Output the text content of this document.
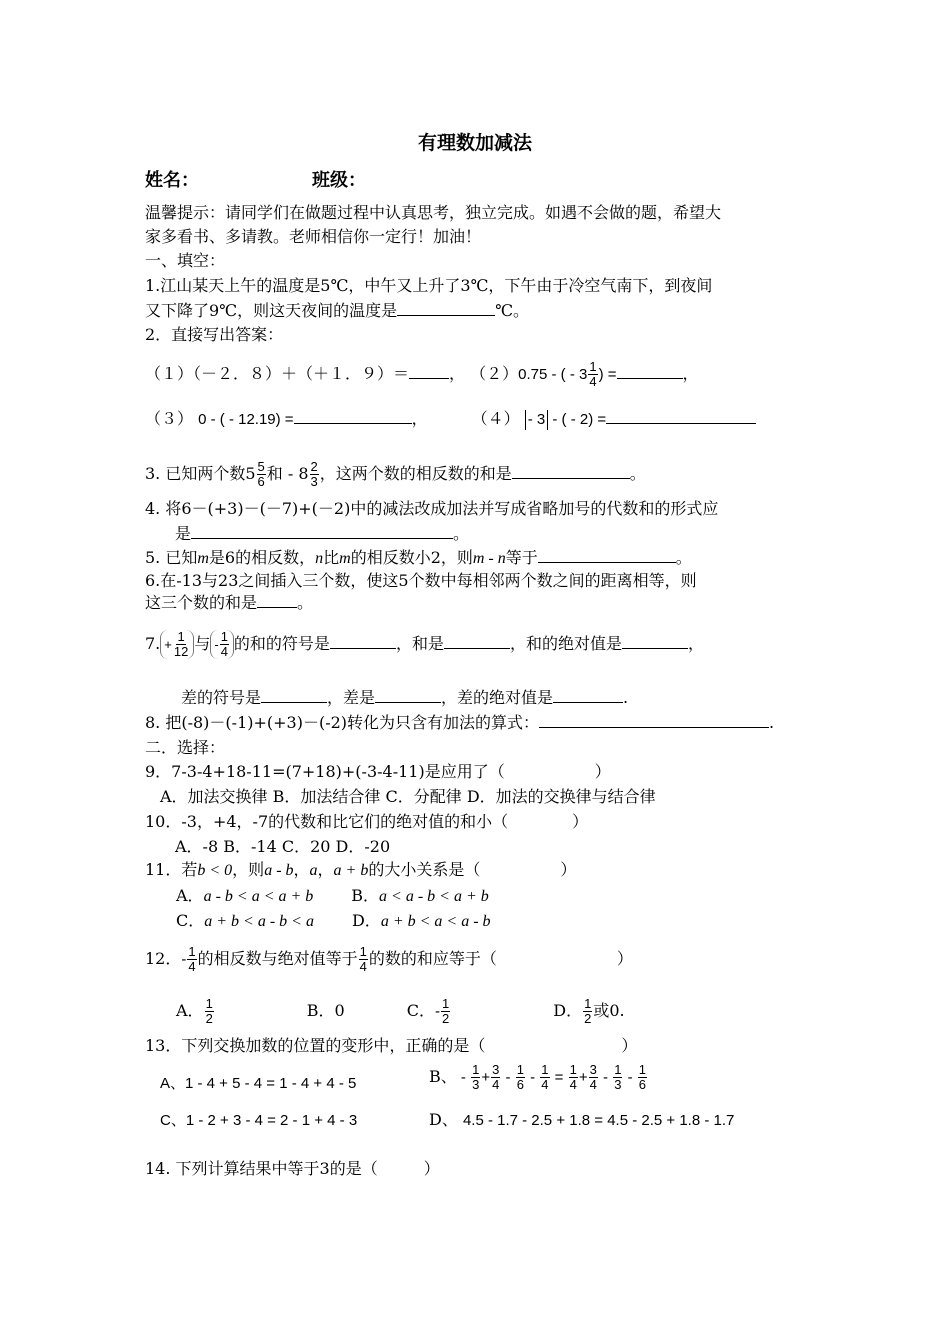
有理数加减法
姓名：	班级：
温馨提示：请同学们在做题过程中认真思考，独立完成。如遇不会做的题，希望大
家多看书、多请教。老师相信你一定行！加油！
一、填空：
1.江山某天上午的温度是5℃，中午又上升了3℃，下午由于冷空气南下，到夜间
又下降了9℃，则这天夜间的温度是	℃。
2．直接写出答案：
（１）（－２．８）＋（＋１．９）＝	， （２）0.75 - ( - $3 \frac{1}{4}$ ) =	，
（３） 0 - ( - 12.19) =	，	（４） - 3 - ( - 2) =
3. 已知两个数$5 \frac{5}{6}$ 和 - $8 \frac{2}{3}$ ，这两个数的相反数的和是	。
4. 将6－(+3)－(－7)+(－2)中的减法改成加法并写成省略加号的代数和的形式应
是	。
5. 已知m是6的相反数，n比m的相反数小2，则m - n等于	。
6.在-13与23之间插入三个数，使这5个数中每相邻两个数之间的距离相等，则
这三个数的和是	。
7. + $\frac{1}{12}$ 与 - $\frac{1}{4}$ 的和的符号是	，和是	，和的绝对值是	，
差的符号是	，差是	，差的绝对值是	.
8. 把(-8)－(-1)+(+3)－(-2)转化为只含有加法的算式：	.
二．选择：
9．7-3-4+18-11=(7+18)+(-3-4-11)是应用了（	）
A．加法交换律 B．加法结合律 C．分配律 D．加法的交换律与结合律
10．-3，+4，-7的代数和比它们的绝对值的和小（	）
A．-8 B．-14 C．20 D．-20
11．若b < 0，则a - b，a，a + b的大小关系是（	）
A．a - b < a < a + b B．a < a - b < a + b
C．a + b < a - b < a D．a + b < a < a - b
12．- $\frac{1}{4}$ 的相反数与绝对值等于 $\frac{1}{4}$ 的数的和应等于（	）
A． $\frac{1}{2}$	B．0	C．- $\frac{1}{2}$	D． $\frac{1}{2}$ 或0.
13．下列交换加数的位置的变形中，正确的是（	）
A、1 - 4 + 5 - 4 = 1 - 4 + 4 - 5	B、 - $\frac{1}{3} + \frac{3}{4} - \frac{1}{6} - \frac{1}{4} = \frac{1}{4} + \frac{3}{4} - \frac{1}{3} - \frac{1}{6}$
C、1 - 2 + 3 - 4 = 2 - 1 + 4 - 3	D、 4.5 - 1.7 - 2.5 + 1.8 = 4.5 - 2.5 + 1.8 - 1.7
14. 下列计算结果中等于3的是（	）
